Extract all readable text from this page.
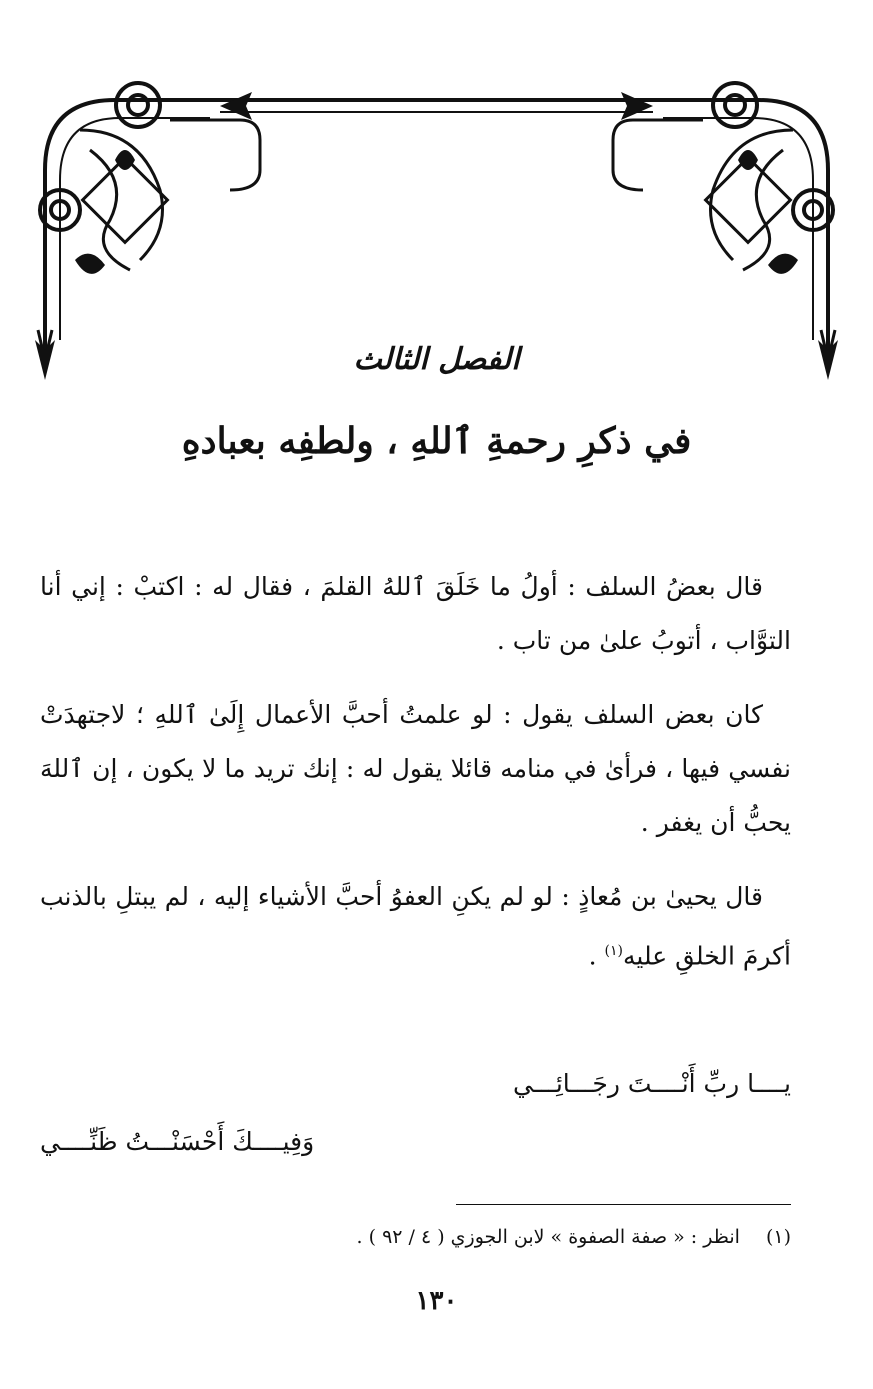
الفصل الثالث
في ذكرِ رحمةِ ٱللهِ ، ولطفِه بعبادهِ

قال بعضُ السلف : أولُ ما خَلَقَ ٱللهُ القلمَ ، فقال له : اكتبْ : إني أنا التوَّاب ، أتوبُ علىٰ من تاب .

كان بعض السلف يقول : لو علمتُ أحبَّ الأعمال إِلَىٰ ٱللهِ ؛ لاجتهدَتْ نفسي فيها ، فرأىٰ في منامه قائلا يقول له : إنك تريد ما لا يكون ، إن ٱللهَ يحبُّ أن يغفر .

قال يحيىٰ بن مُعاذٍ : لو لم يكنِ العفوُ أحبَّ الأشياء إليه ، لم يبتلِ بالذنب أكرمَ الخلقِ عليه$^{(١)}$ .

يــــا ربِّ أَنْــــتَ رجَـــائِـــي
وَفِيــــكَ أَحْسَنْـــتُ ظَنِّــــي
(١) انظر : « صفة الصفوة » لابن الجوزي ( ٤ / ٩٢ ) .
١٣٠
